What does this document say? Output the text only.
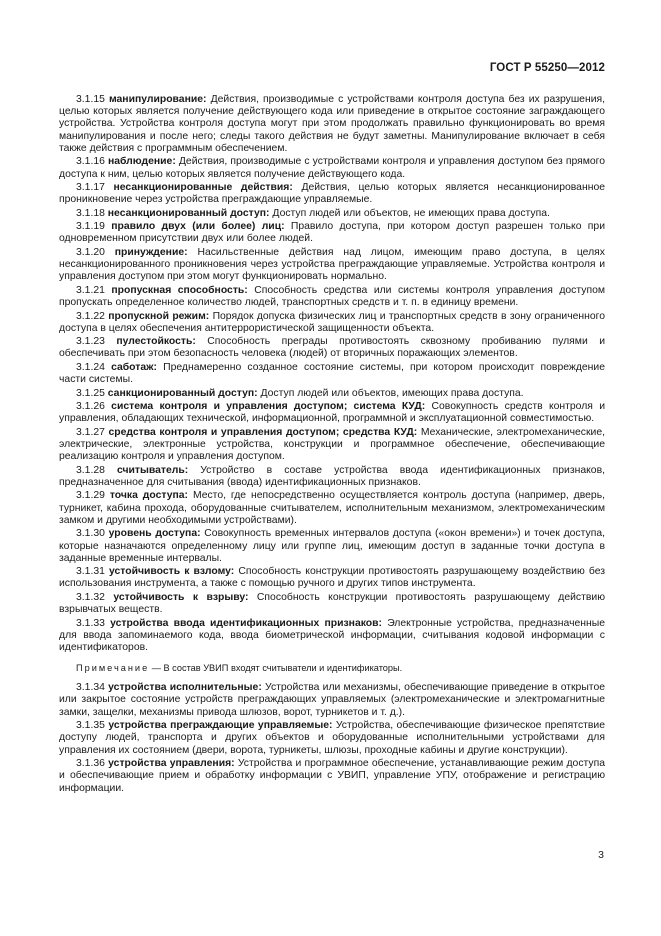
ГОСТ Р 55250—2012

3.1.15 манипулирование: Действия, производимые с устройствами контроля доступа без их разрушения, целью которых является получение действующего кода или приведение в открытое состояние заграждающего устройства. Устройства контроля доступа могут при этом продолжать правильно функционировать во время манипулирования и после него; следы такого действия не будут заметны. Манипулирование включает в себя также действия с программным обеспечением.

3.1.16 наблюдение: Действия, производимые с устройствами контроля и управления доступом без прямого доступа к ним, целью которых является получение действующего кода.

3.1.17 несанкционированные действия: Действия, целью которых является несанкционированное проникновение через устройства преграждающие управляемые.

3.1.18 несанкционированный доступ: Доступ людей или объектов, не имеющих права доступа.

3.1.19 правило двух (или более) лиц: Правило доступа, при котором доступ разрешен только при одновременном присутствии двух или более людей.

3.1.20 принуждение: Насильственные действия над лицом, имеющим право доступа, в целях несанкционированного проникновения через устройства преграждающие управляемые. Устройства контроля и управления доступом при этом могут функционировать нормально.

3.1.21 пропускная способность: Способность средства или системы контроля управления доступом пропускать определенное количество людей, транспортных средств и т. п. в единицу времени.

3.1.22 пропускной режим: Порядок допуска физических лиц и транспортных средств в зону ограниченного доступа в целях обеспечения антитеррористической защищенности объекта.

3.1.23 пулестойкость: Способность преграды противостоять сквозному пробиванию пулями и обеспечивать при этом безопасность человека (людей) от вторичных поражающих элементов.

3.1.24 саботаж: Преднамеренно созданное состояние системы, при котором происходит повреждение части системы.

3.1.25 санкционированный доступ: Доступ людей или объектов, имеющих права доступа.

3.1.26 система контроля и управления доступом; система КУД: Совокупность средств контроля и управления, обладающих технической, информационной, программной и эксплуатационной совместимостью.

3.1.27 средства контроля и управления доступом; средства КУД: Механические, электромеханические, электрические, электронные устройства, конструкции и программное обеспечение, обеспечивающие реализацию контроля и управления доступом.

3.1.28 считыватель: Устройство в составе устройства ввода идентификационных признаков, предназначенное для считывания (ввода) идентификационных признаков.

3.1.29 точка доступа: Место, где непосредственно осуществляется контроль доступа (например, дверь, турникет, кабина прохода, оборудованные считывателем, исполнительным механизмом, электромеханическим замком и другими необходимыми устройствами).

3.1.30 уровень доступа: Совокупность временных интервалов доступа («окон времени») и точек доступа, которые назначаются определенному лицу или группе лиц, имеющим доступ в заданные точки доступа в заданные временные интервалы.

3.1.31 устойчивость к взлому: Способность конструкции противостоять разрушающему воздействию без использования инструмента, а также с помощью ручного и других типов инструмента.

3.1.32 устойчивость к взрыву: Способность конструкции противостоять разрушающему действию взрывчатых веществ.

3.1.33 устройства ввода идентификационных признаков: Электронные устройства, предназначенные для ввода запоминаемого кода, ввода биометрической информации, считывания кодовой информации с идентификаторов.

Примечание — В состав УВИП входят считыватели и идентификаторы.

3.1.34 устройства исполнительные: Устройства или механизмы, обеспечивающие приведение в открытое или закрытое состояние устройств преграждающих управляемых (электромеханические и электромагнитные замки, защелки, механизмы привода шлюзов, ворот, турникетов и т. д.).

3.1.35 устройства преграждающие управляемые: Устройства, обеспечивающие физическое препятствие доступу людей, транспорта и других объектов и оборудованные исполнительными устройствами для управления их состоянием (двери, ворота, турникеты, шлюзы, проходные кабины и другие конструкции).

3.1.36 устройства управления: Устройства и программное обеспечение, устанавливающие режим доступа и обеспечивающие прием и обработку информации с УВИП, управление УПУ, отображение и регистрацию информации.

3
